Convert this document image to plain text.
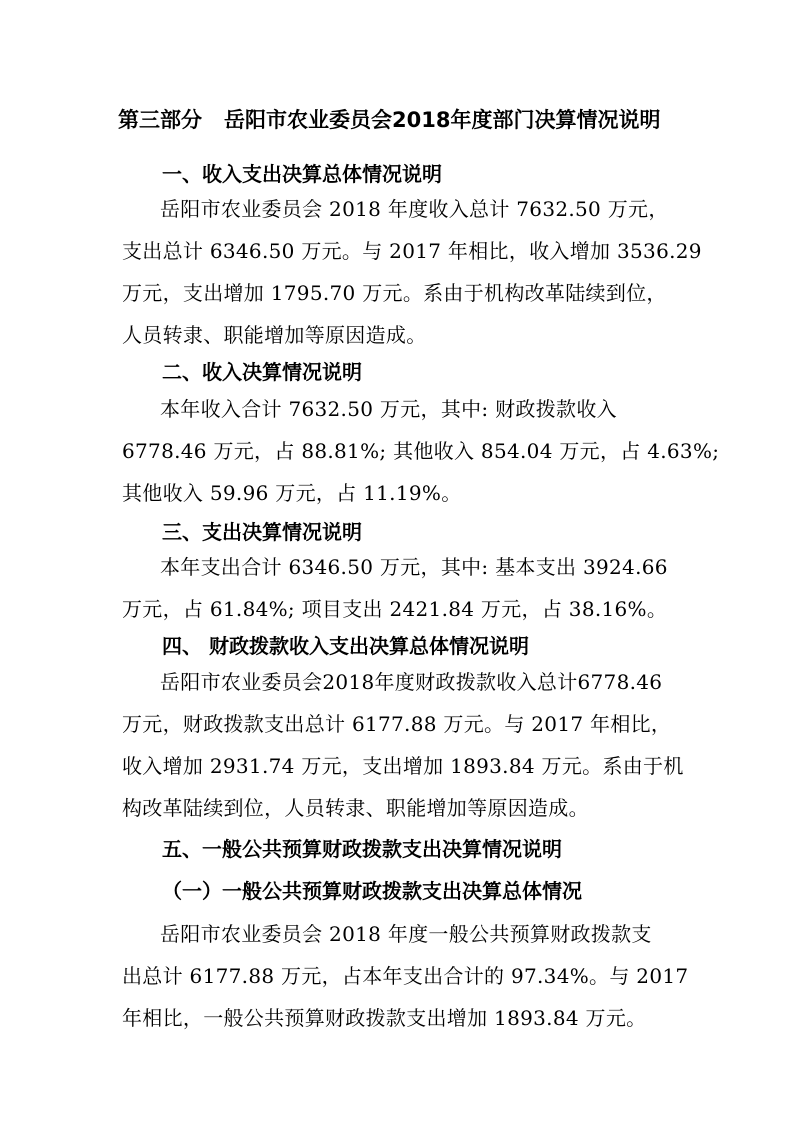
第三部分 岳阳市农业委员会2018年度部门决算情况说明
一、收入支出决算总体情况说明
岳阳市农业委员会 2018 年度收入总计 7632.50 万元，
支出总计 6346.50 万元。与 2017 年相比，收入增加 3536.29
万元，支出增加 1795.70 万元。系由于机构改革陆续到位，
人员转隶、职能增加等原因造成。
二、收入决算情况说明
本年收入合计 7632.50 万元，其中: 财政拨款收入
6778.46 万元，占 88.81%; 其他收入 854.04 万元，占 4.63%;
其他收入 59.96 万元，占 11.19%。
三、支出决算情况说明
本年支出合计 6346.50 万元，其中: 基本支出 3924.66
万元，占 61.84%; 项目支出 2421.84 万元，占 38.16%。
四、 财政拨款收入支出决算总体情况说明
岳阳市农业委员会2018年度财政拨款收入总计6778.46
万元，财政拨款支出总计 6177.88 万元。与 2017 年相比，
收入增加 2931.74 万元，支出增加 1893.84 万元。系由于机
构改革陆续到位，人员转隶、职能增加等原因造成。
五、一般公共预算财政拨款支出决算情况说明
（一）一般公共预算财政拨款支出决算总体情况
岳阳市农业委员会 2018 年度一般公共预算财政拨款支
出总计 6177.88 万元，占本年支出合计的 97.34%。与 2017
年相比，一般公共预算财政拨款支出增加 1893.84 万元。
